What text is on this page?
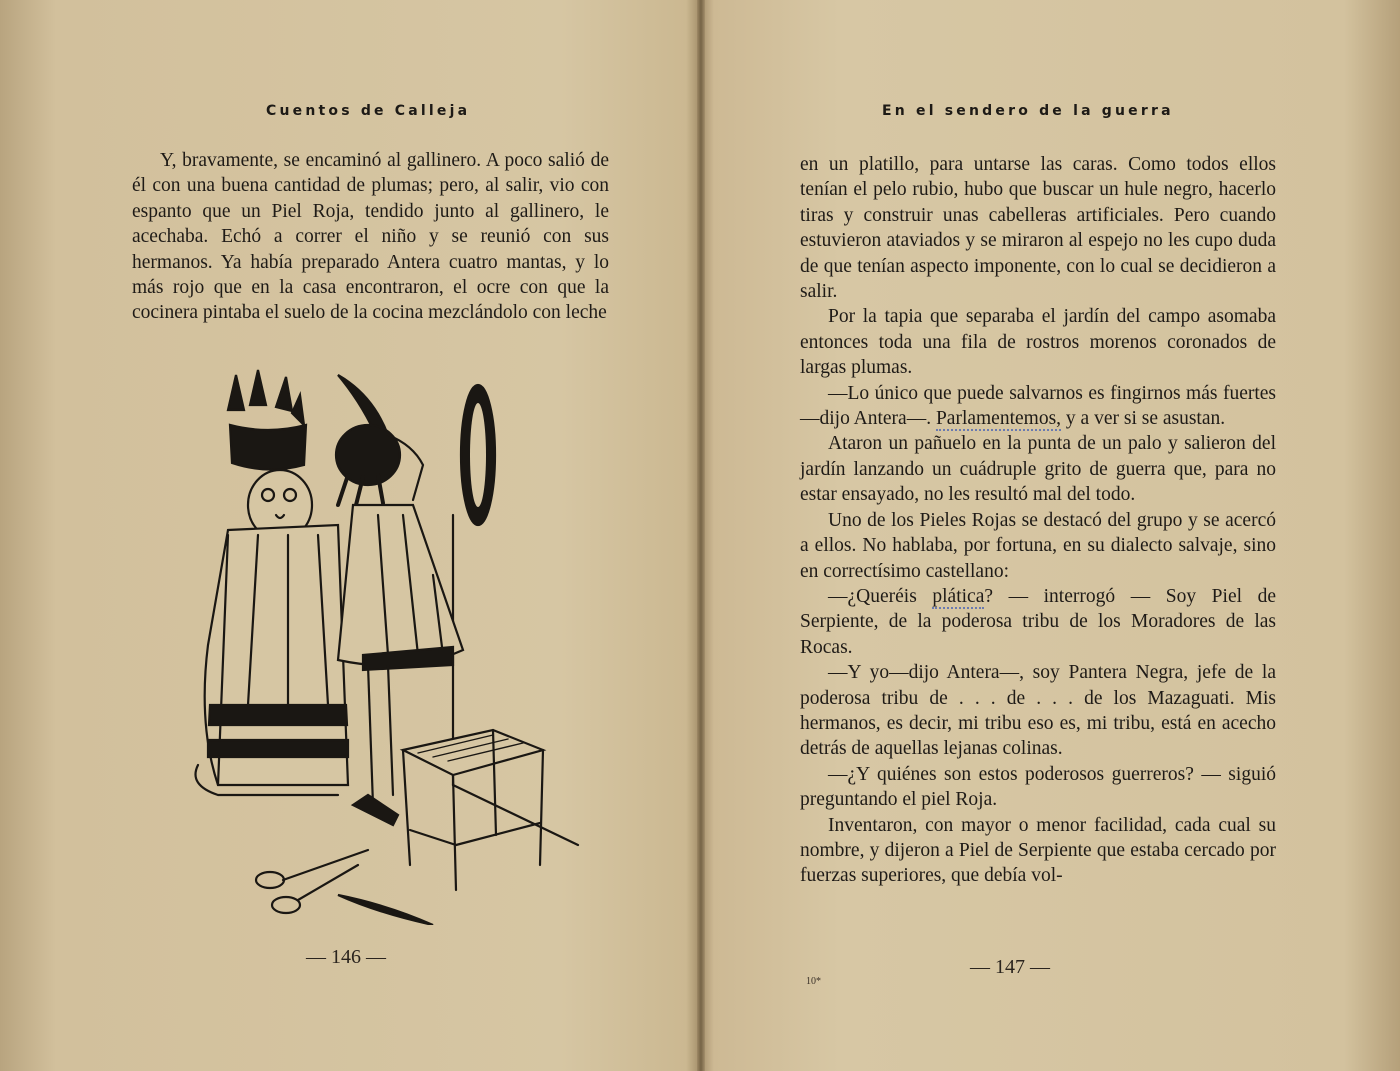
Cuentos de Calleja

Y, bravamente, se encaminó al gallinero. A poco salió de él con una buena cantidad de plumas; pero, al salir, vio con espanto que un Piel Roja, tendido junto al gallinero, le acechaba. Echó a correr el niño y se reunió con sus hermanos. Ya había preparado Antera cuatro mantas, y lo más rojo que en la casa encontraron, el ocre con que la cocinera pintaba el suelo de la cocina mezclándolo con leche

— 146 —
En el sendero de la guerra

en un platillo, para untarse las caras. Como todos ellos tenían el pelo rubio, hubo que buscar un hule negro, hacerlo tiras y construir unas cabelleras artificiales. Pero cuando estuvieron ataviados y se miraron al espejo no les cupo duda de que tenían aspecto imponente, con lo cual se decidieron a salir.

Por la tapia que separaba el jardín del campo asomaba entonces toda una fila de rostros morenos coronados de largas plumas.

—Lo único que puede salvarnos es fingirnos más fuertes—dijo Antera—. Parlamentemos, y a ver si se asustan.

Ataron un pañuelo en la punta de un palo y salieron del jardín lanzando un cuádruple grito de guerra que, para no estar ensayado, no les resultó mal del todo.

Uno de los Pieles Rojas se destacó del grupo y se acercó a ellos. No hablaba, por fortuna, en su dialecto salvaje, sino en correctísimo castellano:

—¿Queréis plática? — interrogó — Soy Piel de Serpiente, de la poderosa tribu de los Moradores de las Rocas.

—Y yo—dijo Antera—, soy Pantera Negra, jefe de la poderosa tribu de . . . de . . . de los Mazaguati. Mis hermanos, es decir, mi tribu eso es, mi tribu, está en acecho detrás de aquellas lejanas colinas.

—¿Y quiénes son estos poderosos guerreros? — siguió preguntando el piel Roja.

Inventaron, con mayor o menor facilidad, cada cual su nombre, y dijeron a Piel de Serpiente que estaba cercado por fuerzas superiores, que debía vol-

10*
— 147 —
